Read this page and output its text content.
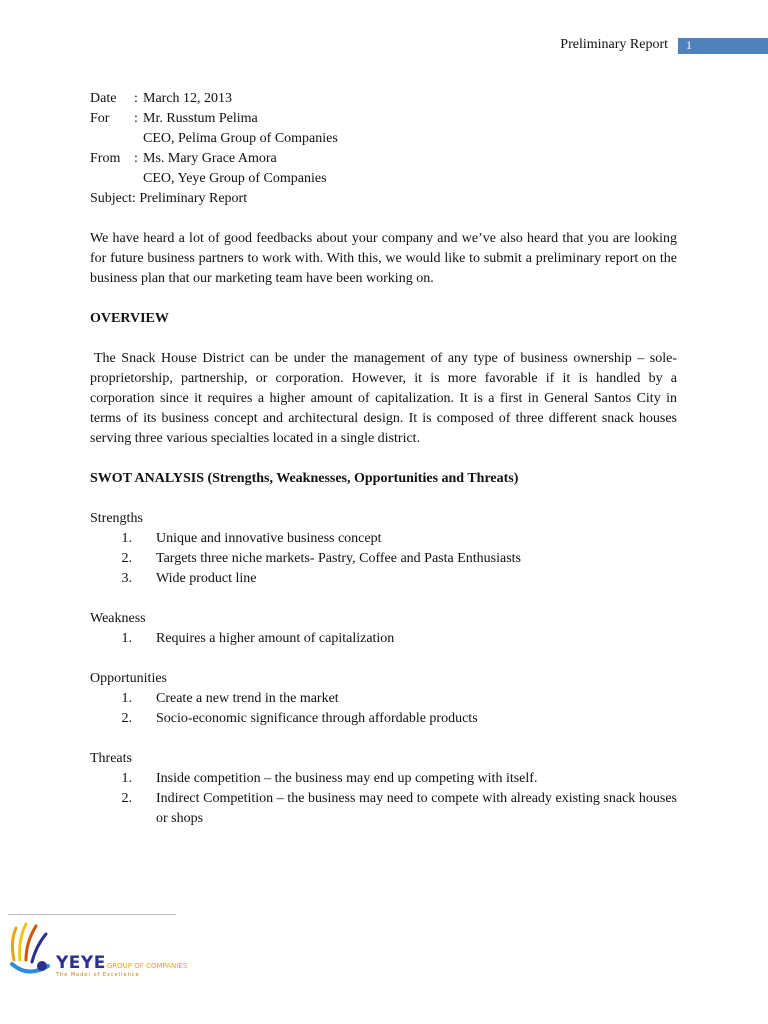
Preliminary Report	1
Date	: March 12, 2013
For	: Mr. Russtum Pelima
CEO, Pelima Group of Companies
From : Ms. Mary Grace Amora
CEO, Yeye Group of Companies
Subject : Preliminary Report

We have heard a lot of good feedbacks about your company and we’ve also heard that you are looking for future business partners to work with. With this, we would like to submit a preliminary report on the business plan that our marketing team have been working on.

OVERVIEW

The Snack House District can be under the management of any type of business ownership – sole-proprietorship, partnership, or corporation. However, it is more favorable if it is handled by a corporation since it requires a higher amount of capitalization. It is a first in General Santos City in terms of its business concept and architectural design. It is composed of three different snack houses serving three various specialties located in a single district.

SWOT ANALYSIS (Strengths, Weaknesses, Opportunities and Threats)

Strengths

1. Unique and innovative business concept
2. Targets three niche markets- Pastry, Coffee and Pasta Enthusiasts
3. Wide product line

Weakness

1. Requires a higher amount of capitalization

Opportunities

1. Create a new trend in the market
2. Socio-economic significance through affordable products

Threats

1. Inside competition – the business may end up competing with itself.
2. Indirect Competition – the business may need to compete with already existing snack houses or shops
YEYEGROUP OF COMPANIES
The Model of Excellence
